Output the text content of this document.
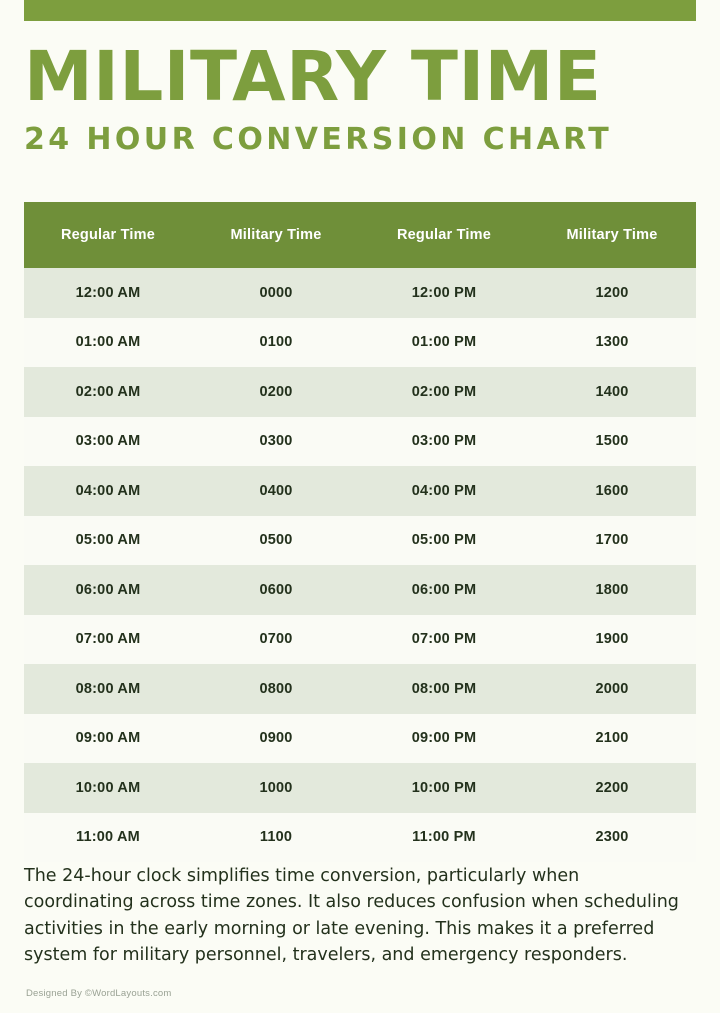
MILITARY TIME
24 HOUR CONVERSION CHART
Regular Time	Military Time	Regular Time	Military Time
12:00 AM	0000	12:00 PM	1200
01:00 AM	0100	01:00 PM	1300
02:00 AM	0200	02:00 PM	1400
03:00 AM	0300	03:00 PM	1500
04:00 AM	0400	04:00 PM	1600
05:00 AM	0500	05:00 PM	1700
06:00 AM	0600	06:00 PM	1800
07:00 AM	0700	07:00 PM	1900
08:00 AM	0800	08:00 PM	2000
09:00 AM	0900	09:00 PM	2100
10:00 AM	1000	10:00 PM	2200
11:00 AM	1100	11:00 PM	2300

The 24-hour clock simplifies time conversion, particularly when coordinating across time zones. It also reduces confusion when scheduling activities in the early morning or late evening. This makes it a preferred system for military personnel, travelers, and emergency responders.

Designed By ©WordLayouts.com
